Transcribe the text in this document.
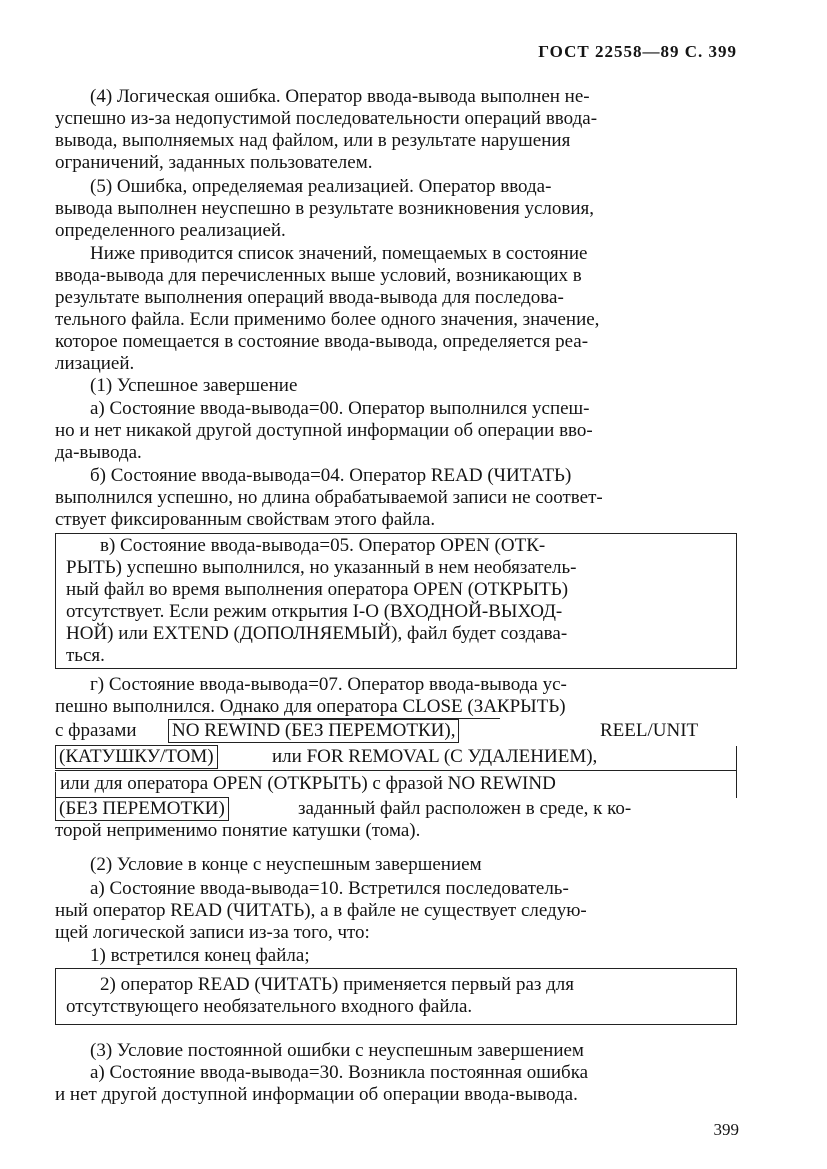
ГОСТ 22558—89 С. 399
(4) Логическая ошибка. Оператор ввода-вывода выполнен не-
успешно из-за недопустимой последовательности операций ввода-
вывода, выполняемых над файлом, или в результате нарушения
ограничений, заданных пользователем.
(5) Ошибка, определяемая реализацией. Оператор ввода-
вывода выполнен неуспешно в результате возникновения условия,
определенного реализацией.
Ниже приводится список значений, помещаемых в состояние
ввода-вывода для перечисленных выше условий, возникающих в
результате выполнения операций ввода-вывода для последова-
тельного файла. Если применимо более одного значения, значение,
которое помещается в состояние ввода-вывода, определяется реа-
лизацией.
(1) Успешное завершение
а) Состояние ввода-вывода=00. Оператор выполнился успеш-
но и нет никакой другой доступной информации об операции вво-
да-вывода.
б) Состояние ввода-вывода=04. Оператор READ (ЧИТАТЬ)
выполнился успешно, но длина обрабатываемой записи не соответ-
ствует фиксированным свойствам этого файла.
в) Состояние ввода-вывода=05. Оператор OPEN (ОТК-
РЫТЬ) успешно выполнился, но указанный в нем необязатель-
ный файл во время выполнения оператора OPEN (ОТКРЫТЬ)
отсутствует. Если режим открытия I-O (ВХОДНОЙ-ВЫХОД-
НОЙ) или EXTEND (ДОПОЛНЯЕМЫЙ), файл будет создава-
ться.
г) Состояние ввода-вывода=07. Оператор ввода-вывода ус-
пешно выполнился. Однако для оператора CLOSE (ЗАКРЫТЬ)
с фразами NO REWIND (БЕЗ ПЕРЕМОТКИ),	REEL/UNIT
(КАТУШКУ/ТОМ)	или FOR REMOVAL (С УДАЛЕНИЕМ),
или для оператора OPEN (ОТКРЫТЬ) с фразой NO REWIND
(БЕЗ ПЕРЕМОТКИ)	заданный файл расположен в среде, к ко-
торой неприменимо понятие катушки (тома).
(2) Условие в конце с неуспешным завершением
а) Состояние ввода-вывода=10. Встретился последователь-
ный оператор READ (ЧИТАТЬ), а в файле не существует следую-
щей логической записи из-за того, что:
1) встретился конец файла;
2) оператор READ (ЧИТАТЬ) применяется первый раз для
отсутствующего необязательного входного файла.
(3) Условие постоянной ошибки с неуспешным завершением
а) Состояние ввода-вывода=30. Возникла постоянная ошибка
и нет другой доступной информации об операции ввода-вывода.
399
